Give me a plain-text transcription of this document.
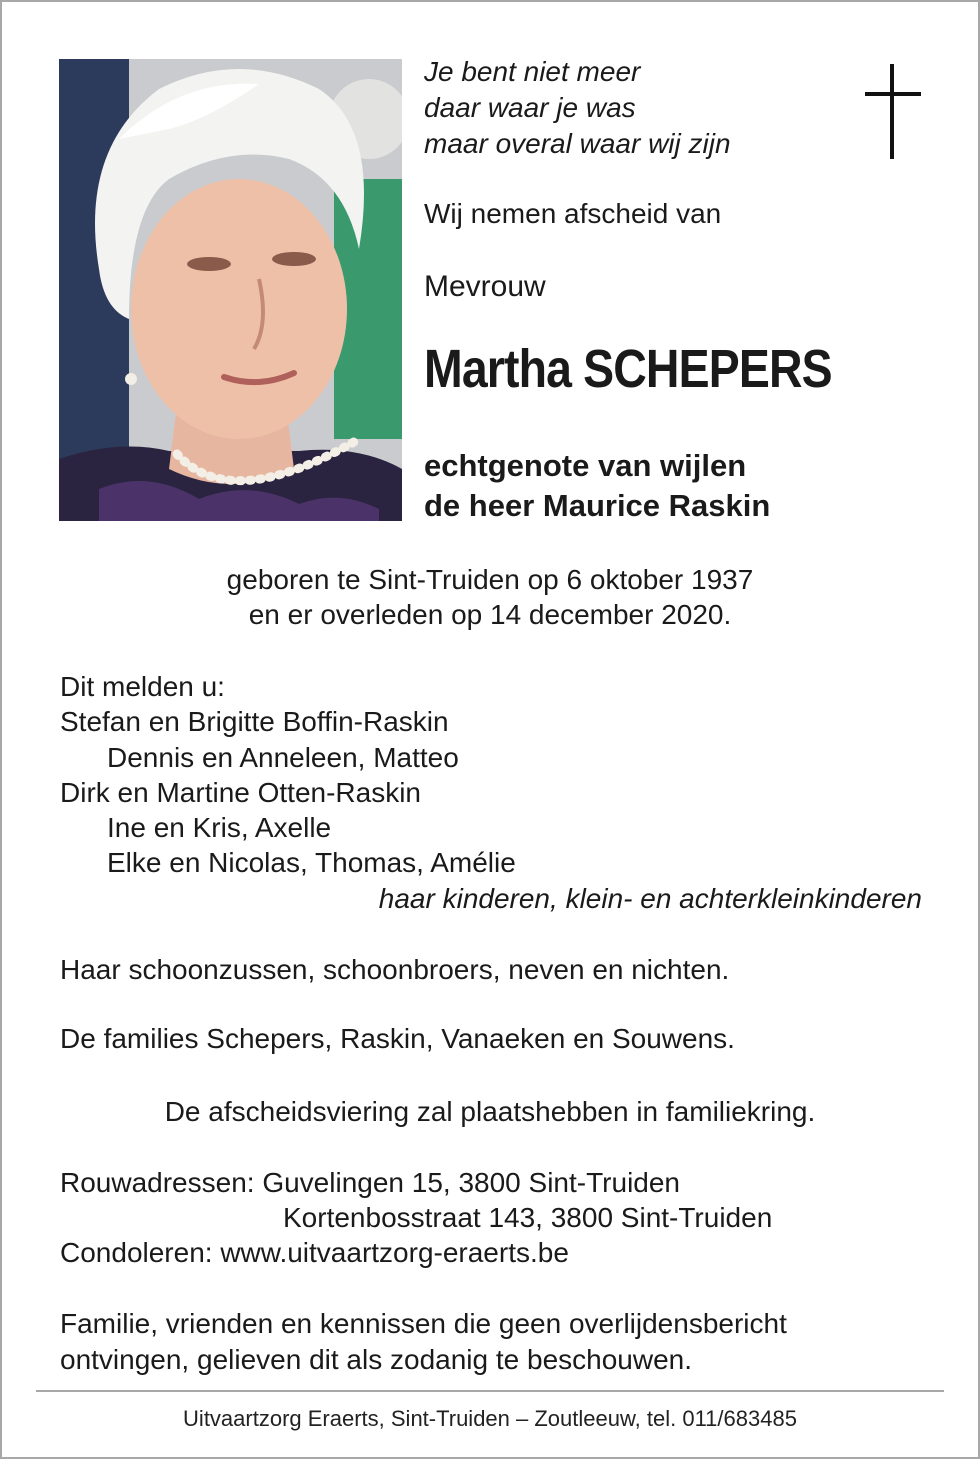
Je bent niet meer
daar waar je was
maar overal waar wij zijn
Wij nemen afscheid van
Mevrouw
Martha SCHEPERS
echtgenote van wijlen
de heer Maurice Raskin
geboren te Sint-Truiden op 6 oktober 1937
en er overleden op 14 december 2020.
Dit melden u:
Stefan en Brigitte Boffin-Raskin
Dennis en Anneleen, Matteo
Dirk en Martine Otten-Raskin
Ine en Kris, Axelle
Elke en Nicolas, Thomas, Amélie
haar kinderen, klein- en achterkleinkinderen
Haar schoonzussen, schoonbroers, neven en nichten.
De families Schepers, Raskin, Vanaeken en Souwens.
De afscheidsviering zal plaatshebben in familiekring.
Rouwadressen: Guvelingen 15, 3800 Sint-Truiden
Kortenbosstraat 143, 3800 Sint-Truiden
Condoleren: www.uitvaartzorg-eraerts.be
Familie, vrienden en kennissen die geen overlijdensbericht
ontvingen, gelieven dit als zodanig te beschouwen.
Uitvaartzorg Eraerts, Sint-Truiden – Zoutleeuw, tel. 011/683485
